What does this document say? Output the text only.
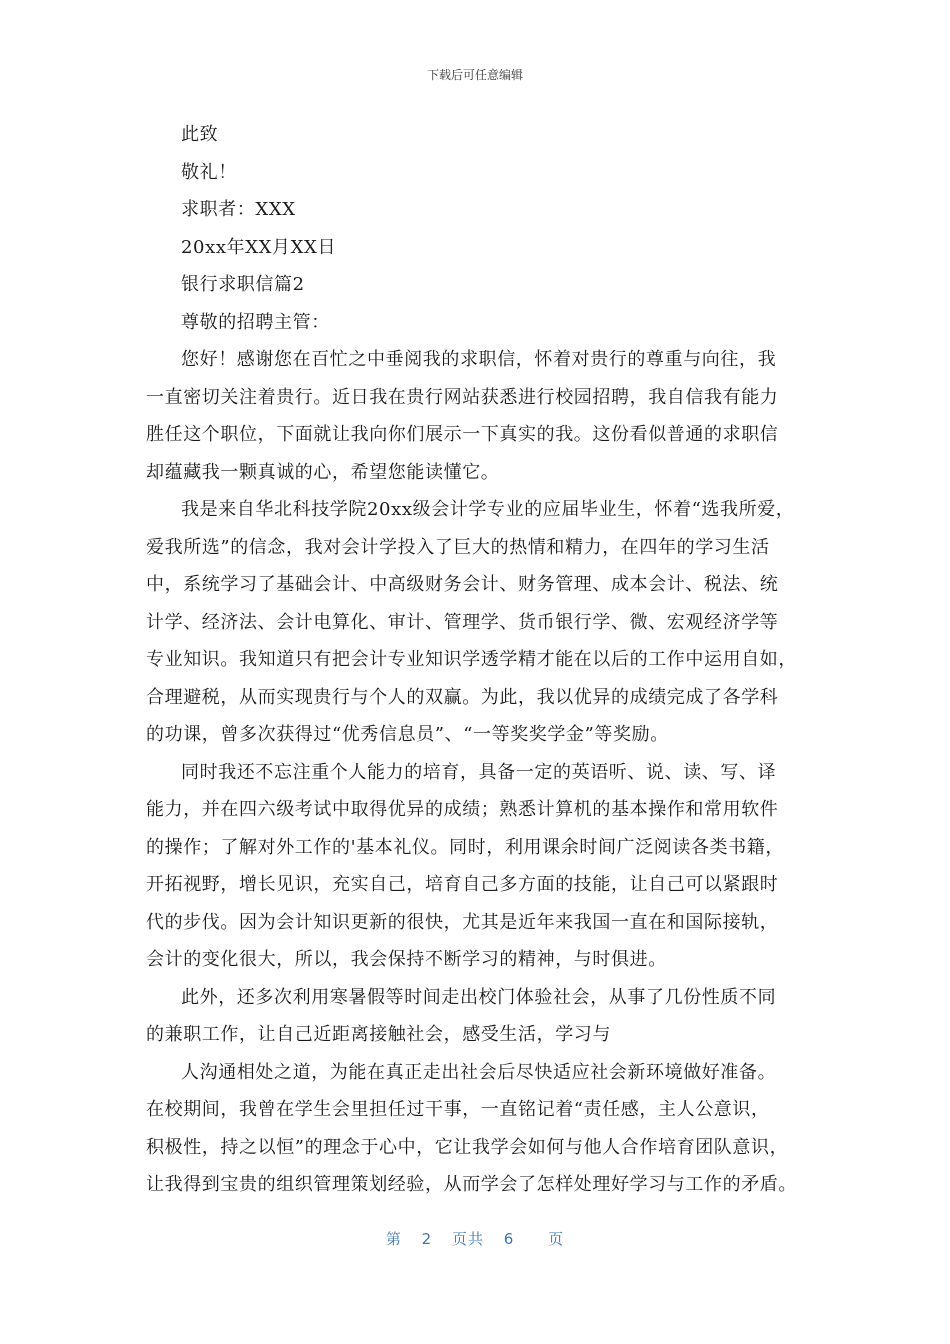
下载后可任意编辑
此致
敬礼！
求职者：XXX
20xx年XX月XX日
银行求职信篇2
尊敬的招聘主管：
您好！感谢您在百忙之中垂阅我的求职信，怀着对贵行的尊重与向往，我
一直密切关注着贵行。近日我在贵行网站获悉进行校园招聘，我自信我有能力
胜任这个职位，下面就让我向你们展示一下真实的我。这份看似普通的求职信
却蕴藏我一颗真诚的心，希望您能读懂它。
我是来自华北科技学院20xx级会计学专业的应届毕业生，怀着“选我所爱，
爱我所选”的信念，我对会计学投入了巨大的热情和精力，在四年的学习生活
中，系统学习了基础会计、中高级财务会计、财务管理、成本会计、税法、统
计学、经济法、会计电算化、审计、管理学、货币银行学、微、宏观经济学等
专业知识。我知道只有把会计专业知识学透学精才能在以后的工作中运用自如，
合理避税，从而实现贵行与个人的双赢。为此，我以优异的成绩完成了各学科
的功课，曾多次获得过“优秀信息员”、“一等奖奖学金”等奖励。
同时我还不忘注重个人能力的培育，具备一定的英语听、说、读、写、译
能力，并在四六级考试中取得优异的成绩；熟悉计算机的基本操作和常用软件
的操作；了解对外工作的'基本礼仪。同时，利用课余时间广泛阅读各类书籍，
开拓视野，增长见识，充实自己，培育自己多方面的技能，让自己可以紧跟时
代的步伐。因为会计知识更新的很快，尤其是近年来我国一直在和国际接轨，
会计的变化很大，所以，我会保持不断学习的精神，与时俱进。
此外，还多次利用寒暑假等时间走出校门体验社会，从事了几份性质不同
的兼职工作，让自己近距离接触社会，感受生活，学习与
人沟通相处之道，为能在真正走出社会后尽快适应社会新环境做好准备。
在校期间，我曾在学生会里担任过干事，一直铭记着“责任感，主人公意识，
积极性，持之以恒”的理念于心中，它让我学会如何与他人合作培育团队意识，
让我得到宝贵的组织管理策划经验，从而学会了怎样处理好学习与工作的矛盾。
第 2 页共 6 页
